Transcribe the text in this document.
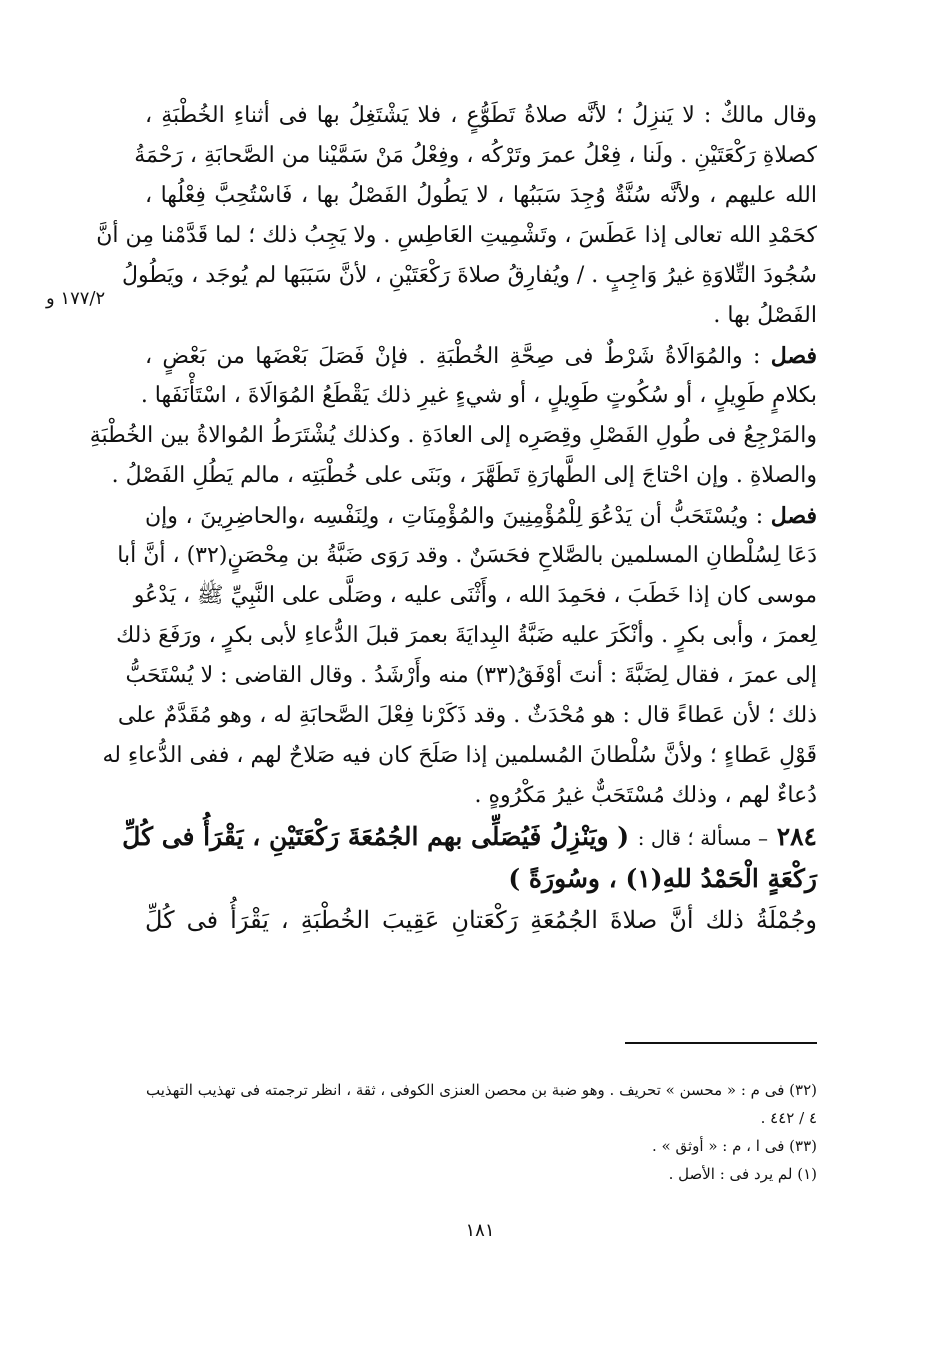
١٧٧/٢ و
وقال مالكٌ : لا يَنزِلُ ؛ لأنَّه صلاةُ تَطَوُّعٍ ، فلا يَشْتَغِلُ بها فى أثناءِ الخُطْبَةِ ،
كصلاةِ رَكْعَتَيْنِ . ولَنا ، فِعْلُ عمرَ وتَرْكُه ، وفِعْلُ مَنْ سَمَّيْنا من الصَّحابَةِ ، رَحْمَةُ
الله عليهم ، ولأنَّه سُنَّةٌ وُجِدَ سَبَبُها ، لا يَطُولُ الفَصْلُ بها ، فَاسْتُحِبَّ فِعْلُها ،
كحَمْدِ الله تعالى إذا عَطَسَ ، وتَشْمِيتِ العَاطِسِ . ولا يَجِبُ ذلك ؛ لما قَدَّمْنا مِن أنَّ
سُجُودَ التِّلاوَةِ غيرُ وَاجِبٍ . / ويُفارِقُ صلاةَ رَكْعَتَيْنِ ، لأنَّ سَبَبَها لم يُوجَد ، ويَطُولُ
الفَصْلُ بها .
فصل : والمُوَالَاةُ شَرْطٌ فى صِحَّةِ الخُطْبَةِ . فإنْ فَصَلَ بَعْضَها من بَعْضٍ ،
بكلامٍ طَوِيلٍ ، أو سُكُوتٍ طَوِيلٍ ، أو شيءٍ غيرِ ذلك يَقْطَعُ المُوَالَاةَ ، اسْتَأْنَفَها .
والمَرْجِعُ فى طُولِ الفَصْلِ وقِصَرِه إلى العادَةِ . وكذلك يُشْتَرَطُ المُوالاةُ بين الخُطْبَةِ
والصلاةِ . وإن احْتاجَ إلى الطَّهارَةِ تَطَهَّرَ ، وبَنَى على خُطْبَتِه ، مالم يَطُلِ الفَصْلُ .
فصل : ويُسْتَحَبُّ أن يَدْعُوَ لِلْمُؤْمِنِينَ والمُؤْمِنَاتِ ، ولِنَفْسِه ،والحاضِرِينَ ، وإن
دَعَا لِسُلْطانِ المسلمين بالصَّلاحِ فحَسَنٌ . وقد رَوَى ضَبَّةُ بن مِحْصَنٍ(٣٢) ، أنَّ أبا
موسى كان إذا خَطَبَ ، فحَمِدَ الله ، وأَثْنَى عليه ، وصَلَّى على النَّبِيِّ ﷺ ، يَدْعُو
لِعمرَ ، وأبى بكرٍ . وأنْكَرَ عليه ضَبَّةُ البِدايَةَ بعمرَ قبلَ الدُّعاءِ لأبى بكرٍ ، ورَفَعَ ذلك
إلى عمرَ ، فقال لِضَبَّةَ : أنتَ أوْفَقُ(٣٣) منه وأَرْشَدُ . وقال القاضى : لا يُسْتَحَبُّ
ذلك ؛ لأن عَطاءً قال : هو مُحْدَثٌ . وقد ذَكَرْنا فِعْلَ الصَّحابَةِ له ، وهو مُقَدَّمٌ على
قَوْلِ عَطاءٍ ؛ ولأنَّ سُلْطانَ المُسلمين إذا صَلَحَ كان فيه صَلاحٌ لهم ، ففى الدُّعاءِ له
دُعاءٌ لهم ، وذلك مُسْتَحَبٌّ غيرُ مَكْرُوهٍ .
٢٨٤ – مسألة ؛ قال : ( ويَنْزِلُ فَيُصَلِّى بهم الجُمُعَةَ رَكْعَتَيْنِ ، يَقْرَأُ فى كُلِّ
رَكْعَةٍ الْحَمْدُ للهِ(١) ، وسُورَةً )
وجُمْلَةُ ذلك أنَّ صلاةَ الجُمُعَةِ رَكْعَتانِ عَقِيبَ الخُطْبَةِ ، يَقْرَأُ فى كُلِّ
(٣٢) فى م : « محسن » تحريف . وهو ضبة بن محصن العنزى الكوفى ، ثقة ، انظر ترجمته فى تهذيب التهذيب
٤ / ٤٤٢ .
(٣٣) فى ا ، م : « أوثق » .
(١) لم يرد فى : الأصل .
١٨١
